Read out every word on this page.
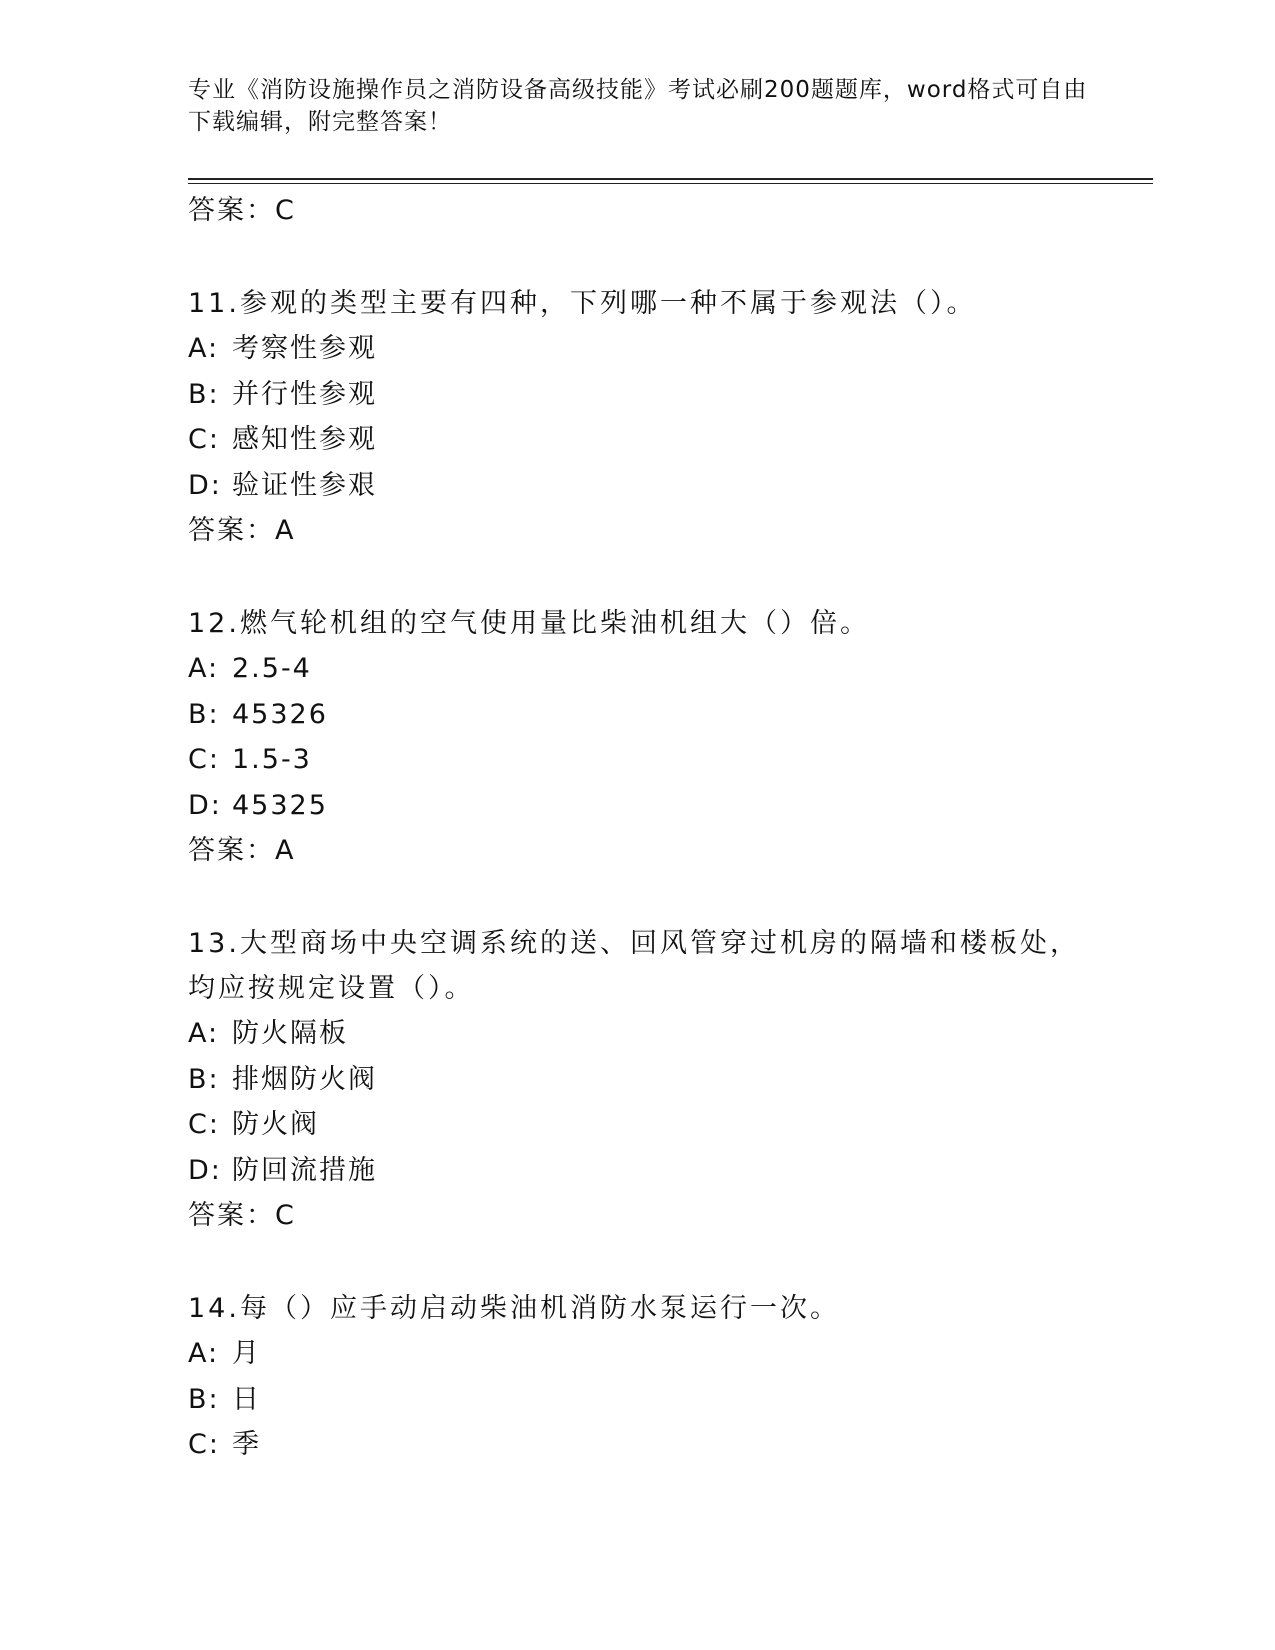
专业《消防设施操作员之消防设备高级技能》考试必刷200题题库，word格式可自由下载编辑，附完整答案！
答案：C
11.参观的类型主要有四种，下列哪一种不属于参观法（）。
A: 考察性参观
B: 并行性参观
C: 感知性参观
D: 验证性参艰
答案：A
12.燃气轮机组的空气使用量比柴油机组大（）倍。
A: 2.5-4
B: 45326
C: 1.5-3
D: 45325
答案：A
13.大型商场中央空调系统的送、回风管穿过机房的隔墙和楼板处，均应按规定设置（）。
A: 防火隔板
B: 排烟防火阀
C: 防火阀
D: 防回流措施
答案：C
14.每（）应手动启动柴油机消防水泵运行一次。
A: 月
B: 日
C: 季
